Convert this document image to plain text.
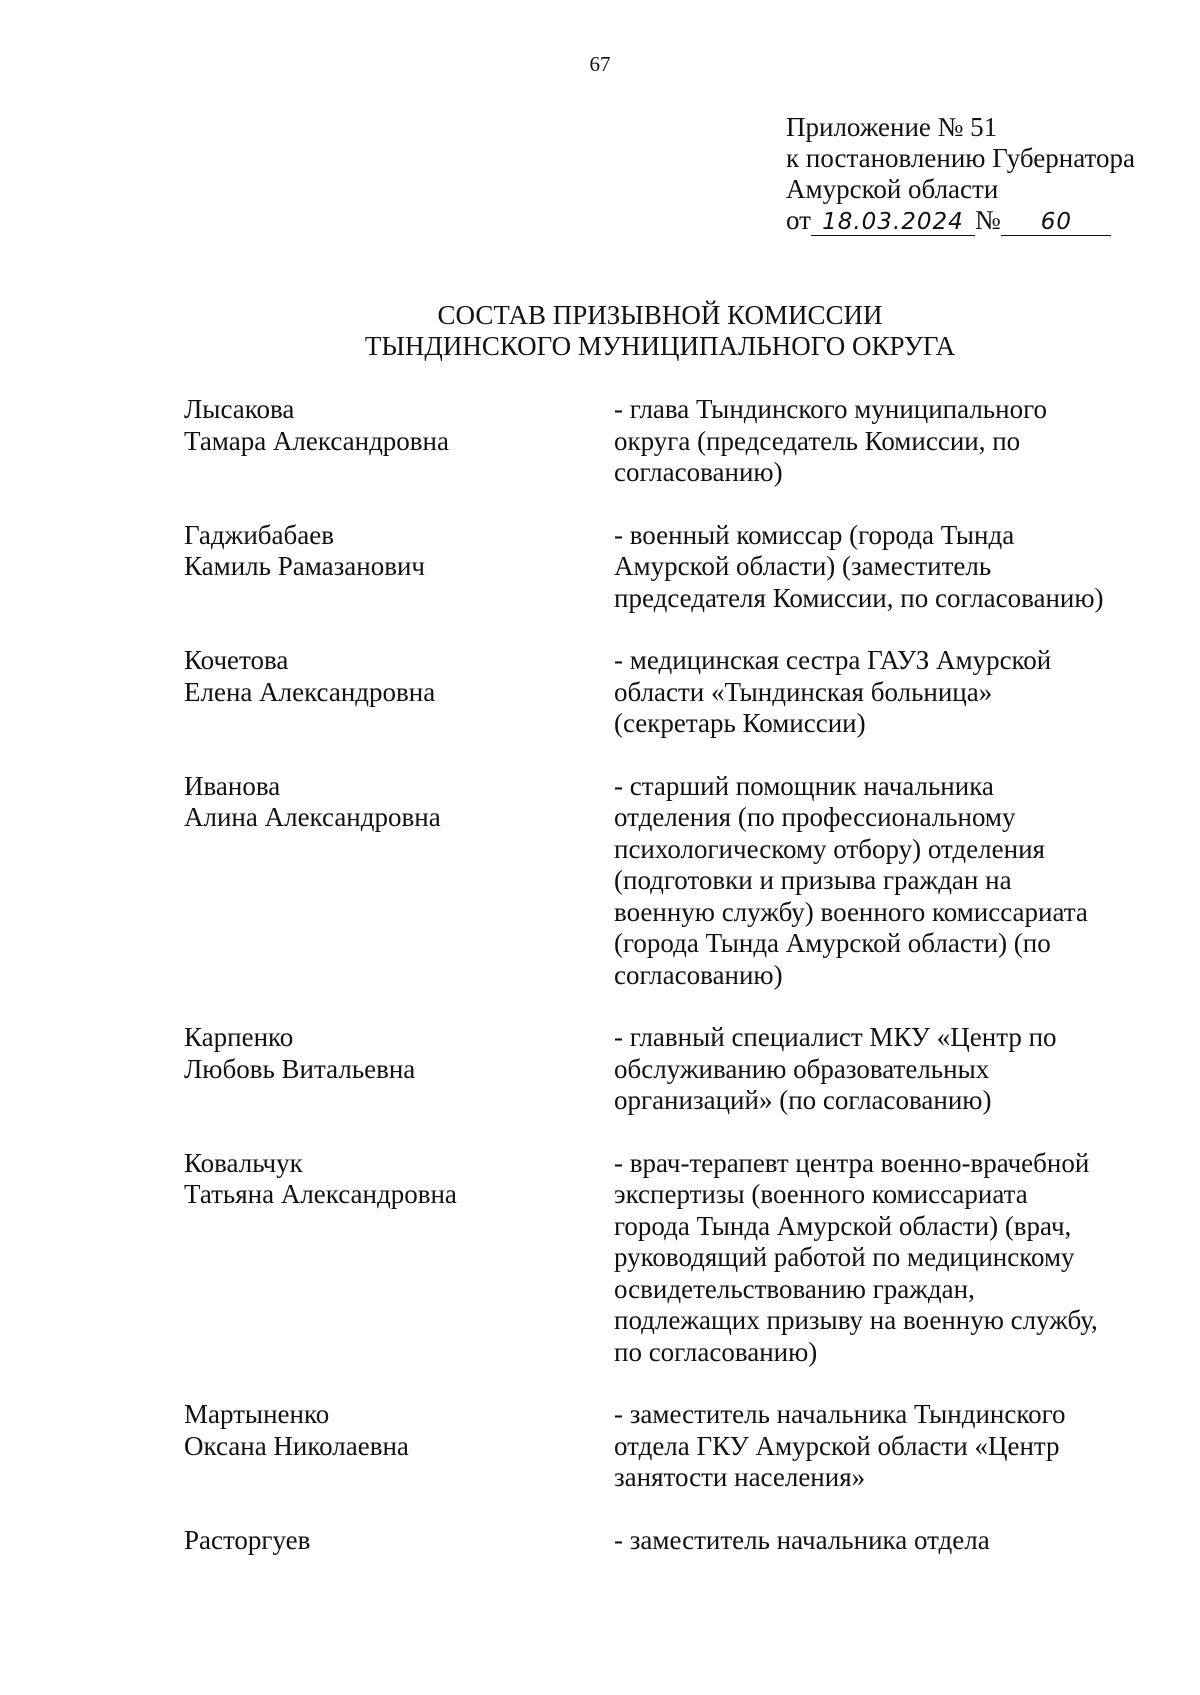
67
Приложение № 51
к постановлению Губернатора
Амурской области
от 18.03.2024 №	60
СОСТАВ ПРИЗЫВНОЙ КОМИССИИ
ТЫНДИНСКОГО МУНИЦИПАЛЬНОГО ОКРУГА
Лысакова
Тамара Александровна
- глава Тындинского муниципального
округа (председатель Комиссии, по
согласованию)
Гаджибабаев
Камиль Рамазанович
- военный комиссар (города Тында
Амурской области) (заместитель
председателя Комиссии, по согласованию)
Кочетова
Елена Александровна
- медицинская сестра ГАУЗ Амурской
области «Тындинская больница»
(секретарь Комиссии)
Иванова
Алина Александровна
- старший помощник начальника
отделения (по профессиональному
психологическому отбору) отделения
(подготовки и призыва граждан на
военную службу) военного комиссариата
(города Тында Амурской области) (по
согласованию)
Карпенко
Любовь Витальевна
- главный специалист МКУ «Центр по
обслуживанию образовательных
организаций» (по согласованию)
Ковальчук
Татьяна Александровна
- врач-терапевт центра военно-врачебной
экспертизы (военного комиссариата
города Тында Амурской области) (врач,
руководящий работой по медицинскому
освидетельствованию граждан,
подлежащих призыву на военную службу,
по согласованию)
Мартыненко
Оксана Николаевна
- заместитель начальника Тындинского
отдела ГКУ Амурской области «Центр
занятости населения»
Расторгуев	- заместитель начальника отдела
